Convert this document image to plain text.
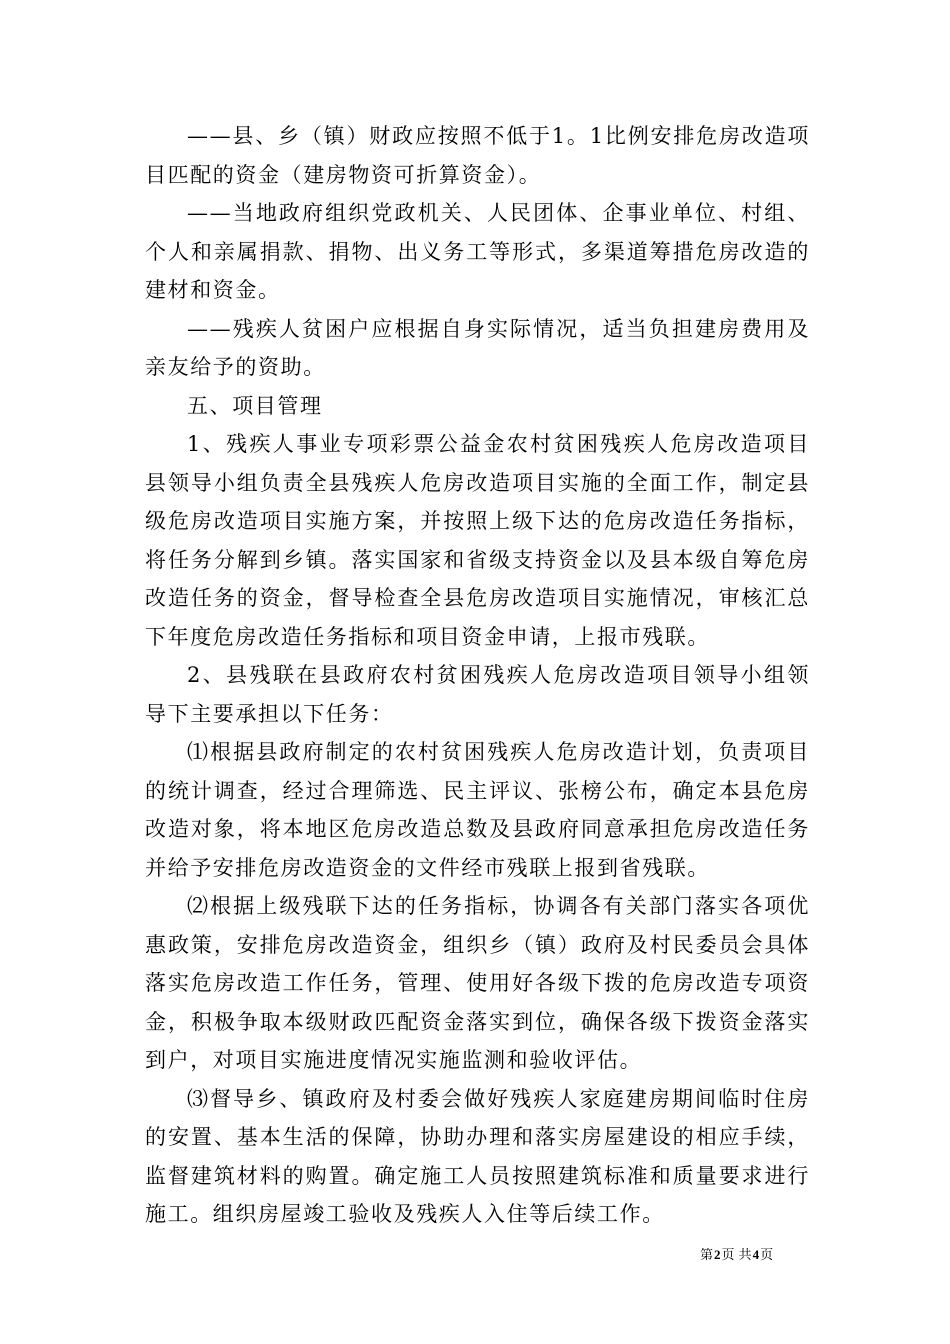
——县、乡（镇）财政应按照不低于1。1比例安排危房改造项目匹配的资金（建房物资可折算资金）。

——当地政府组织党政机关、人民团体、企事业单位、村组、个人和亲属捐款、捐物、出义务工等形式，多渠道筹措危房改造的建材和资金。

——残疾人贫困户应根据自身实际情况，适当负担建房费用及亲友给予的资助。

五、项目管理

1、残疾人事业专项彩票公益金农村贫困残疾人危房改造项目县领导小组负责全县残疾人危房改造项目实施的全面工作，制定县级危房改造项目实施方案，并按照上级下达的危房改造任务指标，将任务分解到乡镇。落实国家和省级支持资金以及县本级自筹危房改造任务的资金，督导检查全县危房改造项目实施情况，审核汇总下年度危房改造任务指标和项目资金申请，上报市残联。

2、县残联在县政府农村贫困残疾人危房改造项目领导小组领导下主要承担以下任务：

⑴根据县政府制定的农村贫困残疾人危房改造计划，负责项目的统计调查，经过合理筛选、民主评议、张榜公布，确定本县危房改造对象，将本地区危房改造总数及县政府同意承担危房改造任务并给予安排危房改造资金的文件经市残联上报到省残联。

⑵根据上级残联下达的任务指标，协调各有关部门落实各项优惠政策，安排危房改造资金，组织乡（镇）政府及村民委员会具体落实危房改造工作任务，管理、使用好各级下拨的危房改造专项资金，积极争取本级财政匹配资金落实到位，确保各级下拨资金落实到户，对项目实施进度情况实施监测和验收评估。

⑶督导乡、镇政府及村委会做好残疾人家庭建房期间临时住房的安置、基本生活的保障，协助办理和落实房屋建设的相应手续，监督建筑材料的购置。确定施工人员按照建筑标准和质量要求进行施工。组织房屋竣工验收及残疾人入住等后续工作。

第2页 共4页
